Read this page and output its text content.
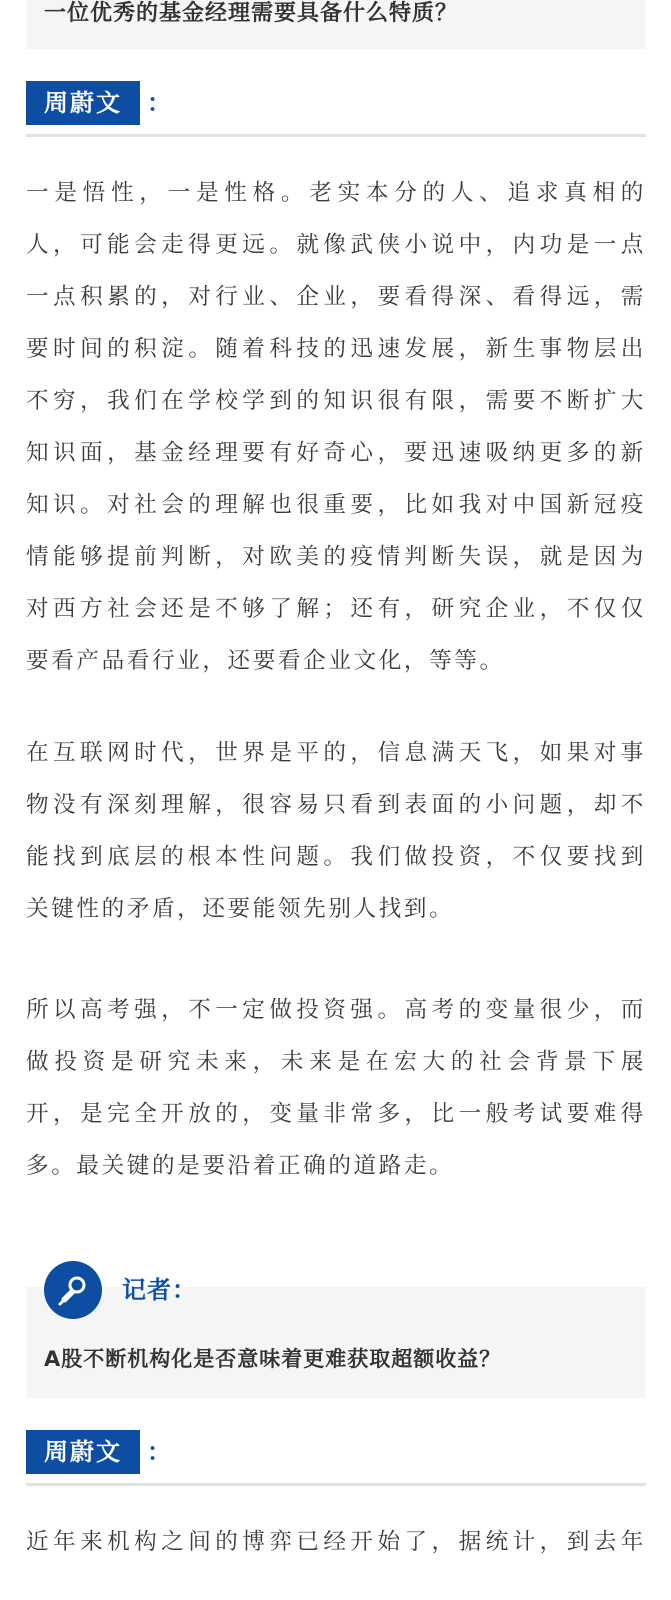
一位优秀的基金经理需要具备什么特质？
周蔚文	：
一是悟性，一是性格。老实本分的人、追求真相的
人，可能会走得更远。就像武侠小说中，内功是一点
一点积累的，对行业、企业，要看得深、看得远，需
要时间的积淀。随着科技的迅速发展，新生事物层出
不穷，我们在学校学到的知识很有限，需要不断扩大
知识面，基金经理要有好奇心，要迅速吸纳更多的新
知识。对社会的理解也很重要，比如我对中国新冠疫
情能够提前判断，对欧美的疫情判断失误，就是因为
对西方社会还是不够了解；还有，研究企业，不仅仅
要看产品看行业，还要看企业文化，等等。
在互联网时代，世界是平的，信息满天飞，如果对事
物没有深刻理解，很容易只看到表面的小问题，却不
能找到底层的根本性问题。我们做投资，不仅要找到
关键性的矛盾，还要能领先别人找到。
所以高考强，不一定做投资强。高考的变量很少，而
做投资是研究未来，未来是在宏大的社会背景下展
开，是完全开放的，变量非常多，比一般考试要难得
多。最关键的是要沿着正确的道路走。
A股不断机构化是否意味着更难获取超额收益？
记者：
周蔚文	：
近年来机构之间的博弈已经开始了，据统计，到去年
